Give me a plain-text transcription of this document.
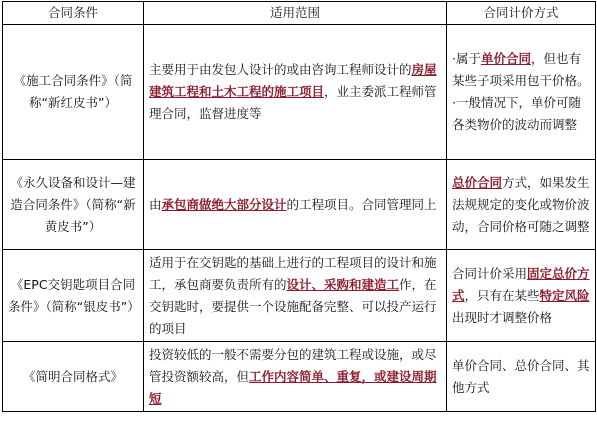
合同条件	适用范围	合同计价方式
《施工合同条件》（简称“新红皮书”）	主要用于由发包人设计的或由咨询工程师设计的房屋建筑工程和土木工程的施工项目，业主委派工程师管理合同，监督进度等	·属于单价合同，但也有某些子项采用包干价格。
·一般情况下，单价可随各类物价的波动而调整
《永久设备和设计—建造合同条件》（简称“新黄皮书”）	由承包商做绝大部分设计的工程项目。合同管理同上	总价合同方式，如果发生法规规定的变化或物价波动，合同价格可随之调整
《EPC交钥匙项目合同条件》（简称“银皮书”）	适用于在交钥匙的基础上进行的工程项目的设计和施工，承包商要负责所有的设计、采购和建造工作，在交钥匙时，要提供一个设施配备完整、可以投产运行的项目	合同计价采用固定总价方式，只有在某些特定风险出现时才调整价格
《简明合同格式》	投资较低的一般不需要分包的建筑工程或设施，或尽管投资额较高，但工作内容简单、重复，或建设周期短	单价合同、总价合同、其他方式
